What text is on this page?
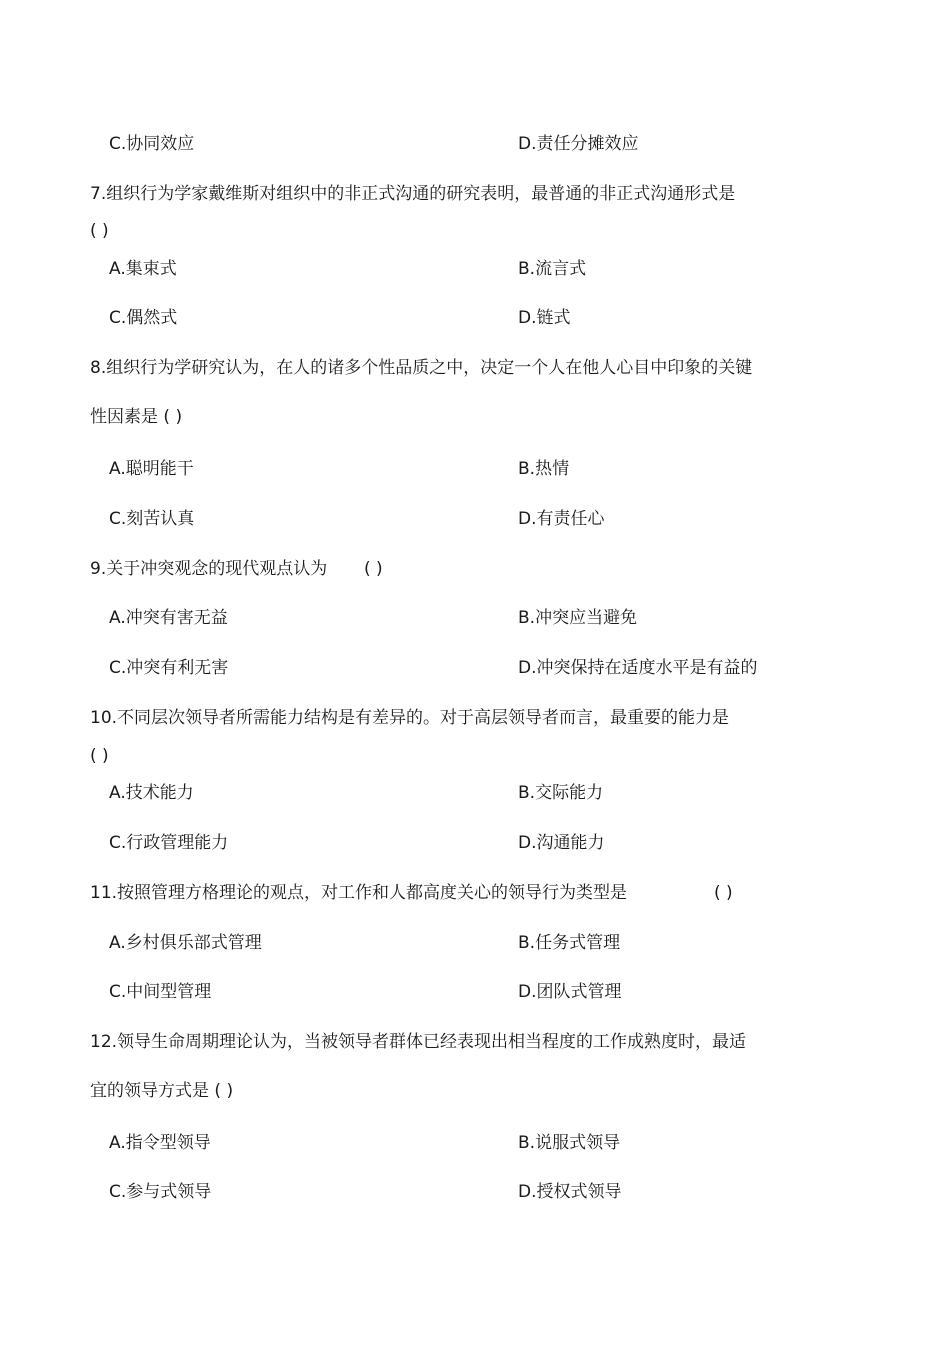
C.协同效应	D.责任分摊效应
7.组织行为学家戴维斯对组织中的非正式沟通的研究表明，最普通的非正式沟通形式是
( )
A.集束式	B.流言式
C.偶然式	D.链式
8.组织行为学研究认为，在人的诸多个性品质之中，决定一个人在他人心目中印象的关键
性因素是 ( )
A.聪明能干	B.热情
C.刻苦认真	D.有责任心
9.关于冲突观念的现代观点认为 ( )
A.冲突有害无益	B.冲突应当避免
C.冲突有利无害	D.冲突保持在适度水平是有益的
10.不同层次领导者所需能力结构是有差异的。对于高层领导者而言，最重要的能力是
( )
A.技术能力	B.交际能力
C.行政管理能力	D.沟通能力
11.按照管理方格理论的观点，对工作和人都高度关心的领导行为类型是	( )
A.乡村俱乐部式管理	B.任务式管理
C.中间型管理	D.团队式管理
12.领导生命周期理论认为，当被领导者群体已经表现出相当程度的工作成熟度时，最适
宜的领导方式是 ( )
A.指令型领导	B.说服式领导
C.参与式领导	D.授权式领导
